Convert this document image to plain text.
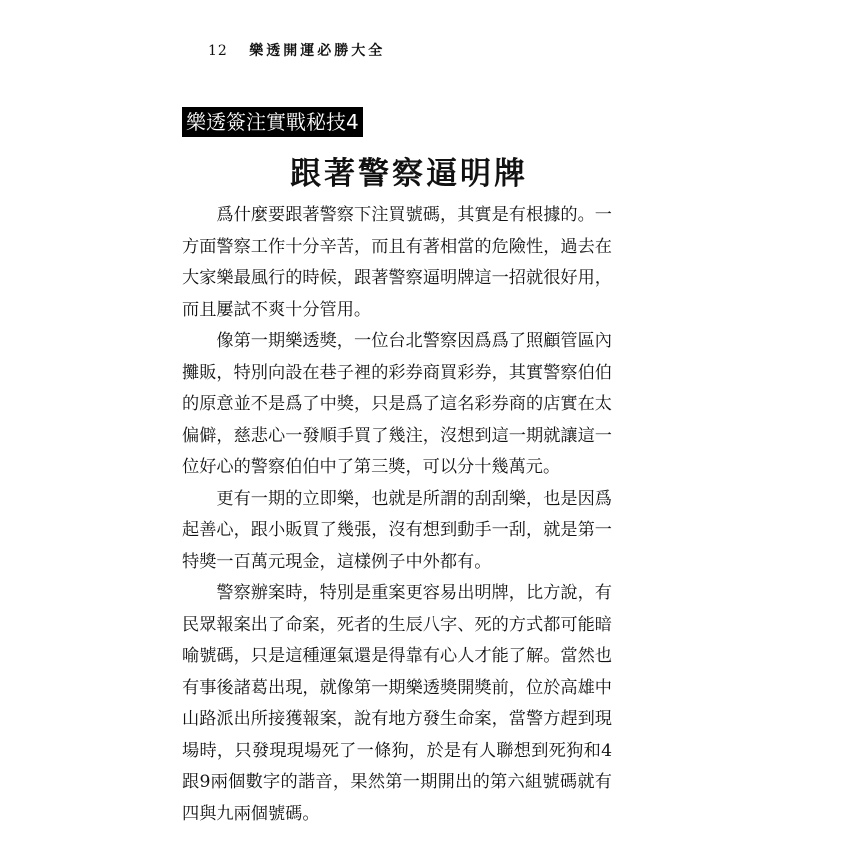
12 樂透開運必勝大全
樂透簽注實戰秘技4
跟著警察逼明牌

爲什麼要跟著警察下注買號碼，其實是有根據的。一方面警察工作十分辛苦，而且有著相當的危險性，過去在大家樂最風行的時候，跟著警察逼明牌這一招就很好用，而且屢試不爽十分管用。

像第一期樂透獎，一位台北警察因爲爲了照顧管區內攤販，特別向設在巷子裡的彩券商買彩券，其實警察伯伯的原意並不是爲了中獎，只是爲了這名彩券商的店實在太偏僻，慈悲心一發順手買了幾注，沒想到這一期就讓這一位好心的警察伯伯中了第三獎，可以分十幾萬元。

更有一期的立即樂，也就是所謂的刮刮樂，也是因爲起善心，跟小販買了幾張，沒有想到動手一刮，就是第一特獎一百萬元現金，這樣例子中外都有。

警察辦案時，特別是重案更容易出明牌，比方說，有民眾報案出了命案，死者的生辰八字、死的方式都可能暗喻號碼，只是這種運氣還是得靠有心人才能了解。當然也有事後諸葛出現，就像第一期樂透獎開獎前，位於高雄中山路派出所接獲報案，說有地方發生命案，當警方趕到現場時，只發現現場死了一條狗，於是有人聯想到死狗和4跟9兩個數字的諧音，果然第一期開出的第六組號碼就有四與九兩個號碼。
